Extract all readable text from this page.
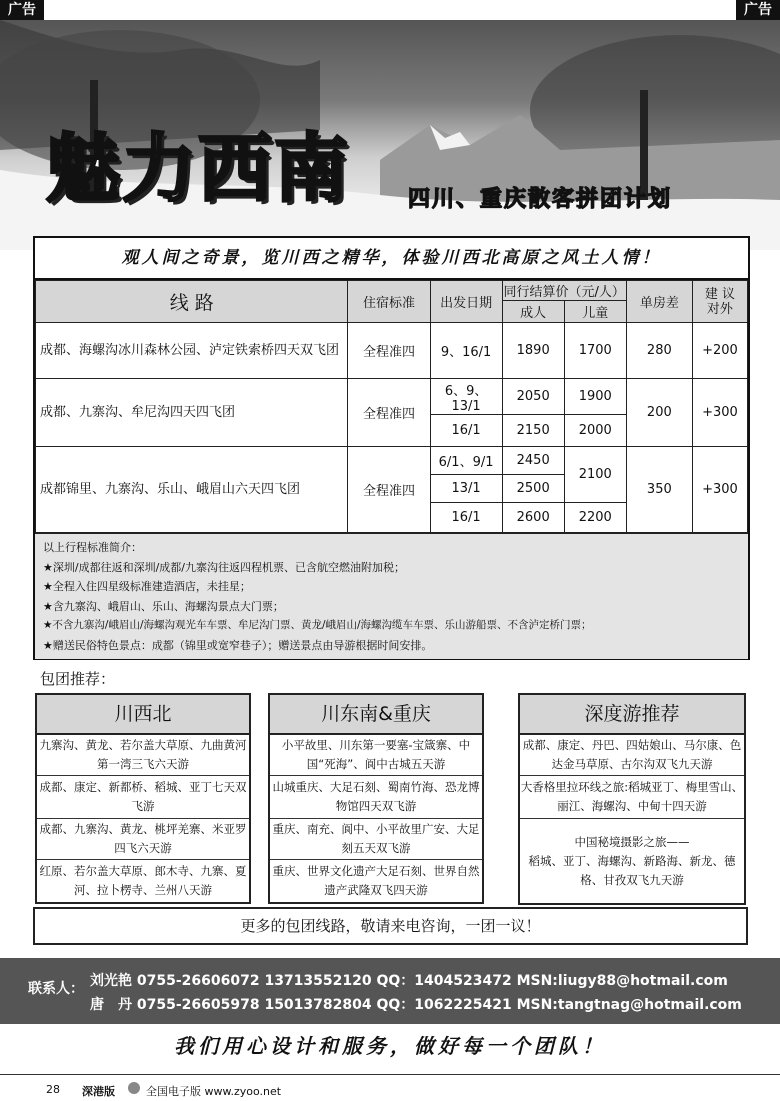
广告	广告
魅力西南	四川、重庆散客拼团计划
观人间之奇景，览川西之精华，体验川西北高原之风土人情！
线 路	住宿标准	出发日期	同行结算价（元/人）		单房差	建 议
对外
			成人	儿童		
成都、海螺沟冰川森林公园、泸定铁索桥四天双飞团	全程准四	9、16/1	1890	1700	280	+200
成都、九寨沟、牟尼沟四天四飞团	全程准四	6、9、13/1	2050	1900	200	+300
		16/1	2150	2000		
成都锦里、九寨沟、乐山、峨眉山六天四飞团	全程准四	6/1、9/1	2450	2100	350	+300
		13/1	2500			
		16/1	2600	2200		
以上行程标准简介：
★深圳/成都往返和深圳/成都/九寨沟往返四程机票、已含航空燃油附加税；
★全程入住四星级标准建造酒店，未挂星；
★含九寨沟、峨眉山、乐山、海螺沟景点大门票；
★不含九寨沟/峨眉山/海螺沟观光车车票、牟尼沟门票、黄龙/峨眉山/海螺沟缆车车票、乐山游船票、不含泸定桥门票；
★赠送民俗特色景点：成都（锦里或宽窄巷子）；赠送景点由导游根据时间安排。
包团推荐：
川西北
九寨沟、黄龙、若尔盖大草原、九曲黄河第一湾三飞六天游
成都、康定、新都桥、稻城、亚丁七天双飞游
成都、九寨沟、黄龙、桃坪羌寨、米亚罗四飞六天游
红原、若尔盖大草原、郎木寺、九寨、夏河、拉卜楞寺、兰州八天游
川东南&重庆
小平故里、川东第一要塞-宝箴寨、中国“死海”、阆中古城五天游
山城重庆、大足石刻、蜀南竹海、恐龙博物馆四天双飞游
重庆、南充、阆中、小平故里广安、大足刻五天双飞游
重庆、世界文化遗产大足石刻、世界自然遗产武隆双飞四天游
深度游推荐
成都、康定、丹巴、四姑娘山、马尔康、色达金马草原、古尔沟双飞九天游
大香格里拉环线之旅:稻城亚丁、梅里雪山、丽江、海螺沟、中甸十四天游
中国秘境摄影之旅——
稻城、亚丁、海螺沟、新路海、新龙、德格、甘孜双飞九天游
更多的包团线路，敬请来电咨询，一团一议！
联系人： 刘光艳 0755-26606072 13713552120 QQ：1404523472 MSN:liugy88@hotmail.com
唐　丹 0755-26605978 15013782804 QQ：1062225421 MSN:tangtnag@hotmail.com
我们用心设计和服务，做好每一个团队！
28 深港版	全国电子版 www.zyoo.net
